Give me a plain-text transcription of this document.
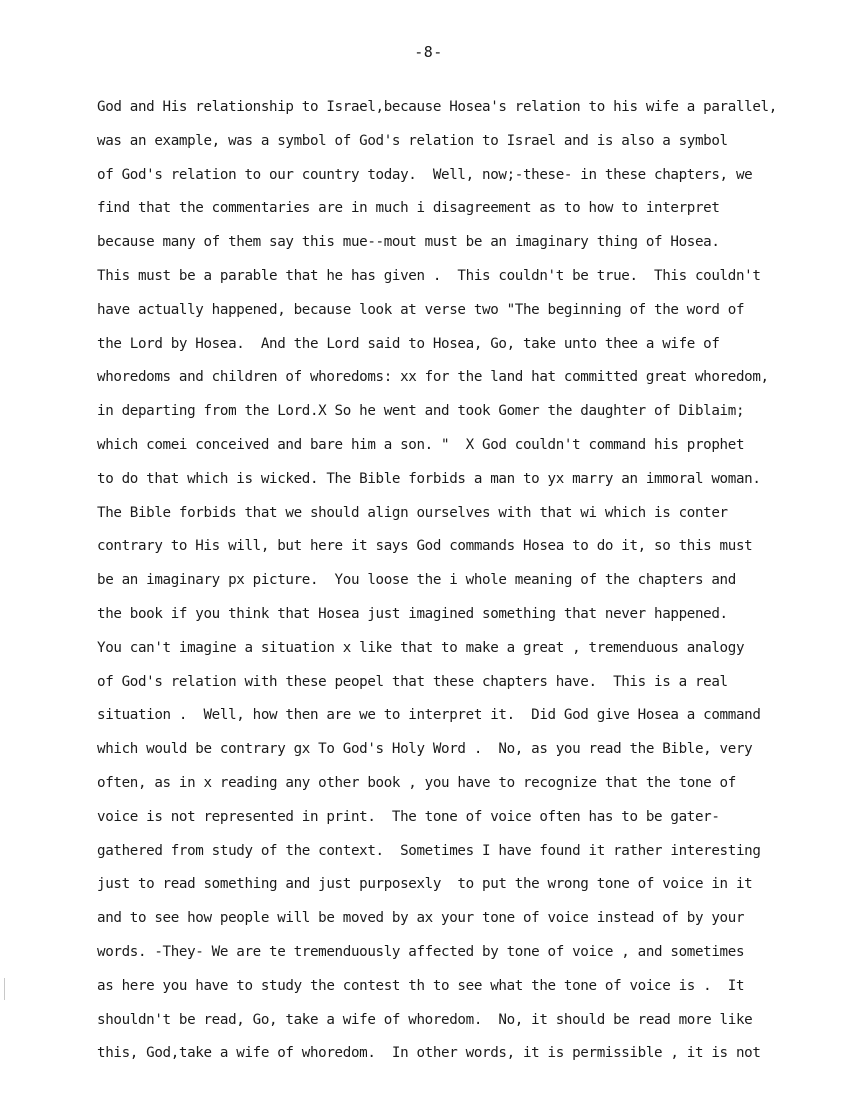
-8-
God and His relationship to Israel,because Hosea's relation to his wife a parallel,
was an example, was a symbol of God's relation to Israel and is also a symbol
of God's relation to our country today.  Well, now;-these- in these chapters, we
find that the commentaries are in much i disagreement as to how to interpret
because many of them say this mue--mout must be an imaginary thing of Hosea.
This must be a parable that he has given .  This couldn't be true.  This couldn't
have actually happened, because look at verse two "The beginning of the word of
the Lord by Hosea.  And the Lord said to Hosea, Go, take unto thee a wife of
whoredoms and children of whoredoms: xx for the land hat committed great whoredom,
in departing from the Lord.X So he went and took Gomer the daughter of Diblaim;
which comei conceived and bare him a son. "  X God couldn't command his prophet
to do that which is wicked. The Bible forbids a man to yx marry an immoral woman.
The Bible forbids that we should align ourselves with that wi which is conter
contrary to His will, but here it says God commands Hosea to do it, so this must
be an imaginary px picture.  You loose the i whole meaning of the chapters and
the book if you think that Hosea just imagined something that never happened.
You can't imagine a situation x like that to make a great , tremenduous analogy
of God's relation with these peopel that these chapters have.  This is a real
situation .  Well, how then are we to interpret it.  Did God give Hosea a command
which would be contrary gx To God's Holy Word .  No, as you read the Bible, very
often, as in x reading any other book , you have to recognize that the tone of
voice is not represented in print.  The tone of voice often has to be gater-
gathered from study of the context.  Sometimes I have found it rather interesting
just to read something and just purposexly  to put the wrong tone of voice in it
and to see how people will be moved by ax your tone of voice instead of by your
words. -They- We are te tremenduously affected by tone of voice , and sometimes
as here you have to study the contest th to see what the tone of voice is .  It
shouldn't be read, Go, take a wife of whoredom.  No, it should be read more like
this, God,take a wife of whoredom.  In other words, it is permissible , it is not
